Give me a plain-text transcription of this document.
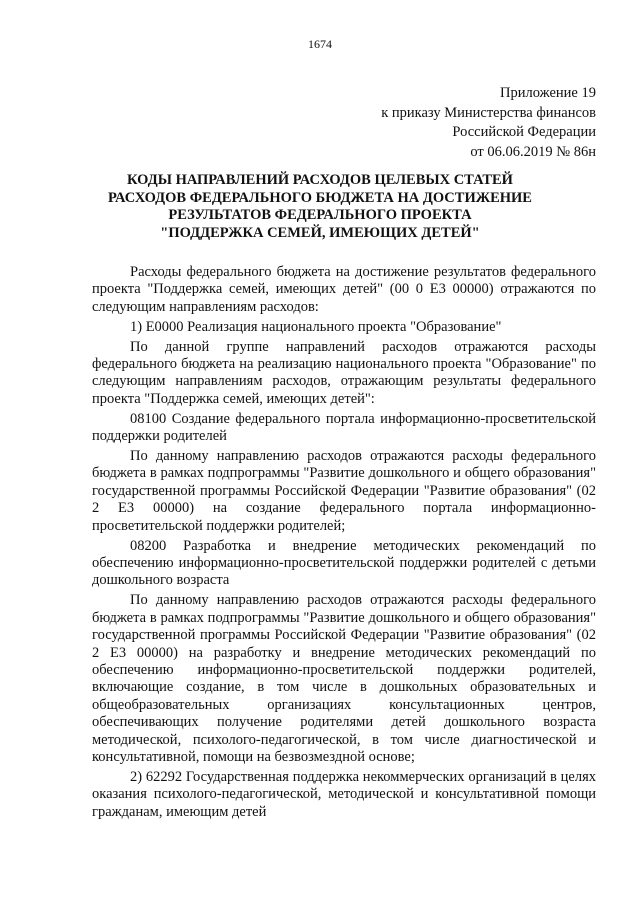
1674
Приложение 19
к приказу Министерства финансов
Российской Федерации
от 06.06.2019 № 86н
КОДЫ НАПРАВЛЕНИЙ РАСХОДОВ ЦЕЛЕВЫХ СТАТЕЙ
РАСХОДОВ ФЕДЕРАЛЬНОГО БЮДЖЕТА НА ДОСТИЖЕНИЕ
РЕЗУЛЬТАТОВ ФЕДЕРАЛЬНОГО ПРОЕКТА
"ПОДДЕРЖКА СЕМЕЙ, ИМЕЮЩИХ ДЕТЕЙ"

Расходы федерального бюджета на достижение результатов федерального проекта "Поддержка семей, имеющих детей" (00 0 Е3 00000) отражаются по следующим направлениям расходов:

1) Е0000 Реализация национального проекта "Образование"

По данной группе направлений расходов отражаются расходы федерального бюджета на реализацию национального проекта "Образование" по следующим направлениям расходов, отражающим результаты федерального проекта "Поддержка семей, имеющих детей":

08100 Создание федерального портала информационно-просветительской поддержки родителей

По данному направлению расходов отражаются расходы федерального бюджета в рамках подпрограммы "Развитие дошкольного и общего образования" государственной программы Российской Федерации "Развитие образования" (02 2 Е3 00000) на создание федерального портала информационно-просветительской поддержки родителей;

08200 Разработка и внедрение методических рекомендаций по обеспечению информационно-просветительской поддержки родителей с детьми дошкольного возраста

По данному направлению расходов отражаются расходы федерального бюджета в рамках подпрограммы "Развитие дошкольного и общего образования" государственной программы Российской Федерации "Развитие образования" (02 2 Е3 00000) на разработку и внедрение методических рекомендаций по обеспечению информационно-просветительской поддержки родителей, включающие создание, в том числе в дошкольных образовательных и общеобразовательных организациях консультационных центров, обеспечивающих получение родителями детей дошкольного возраста методической, психолого-педагогической, в том числе диагностической и консультативной, помощи на безвозмездной основе;

2) 62292 Государственная поддержка некоммерческих организаций в целях оказания психолого-педагогической, методической и консультативной помощи гражданам, имеющим детей
